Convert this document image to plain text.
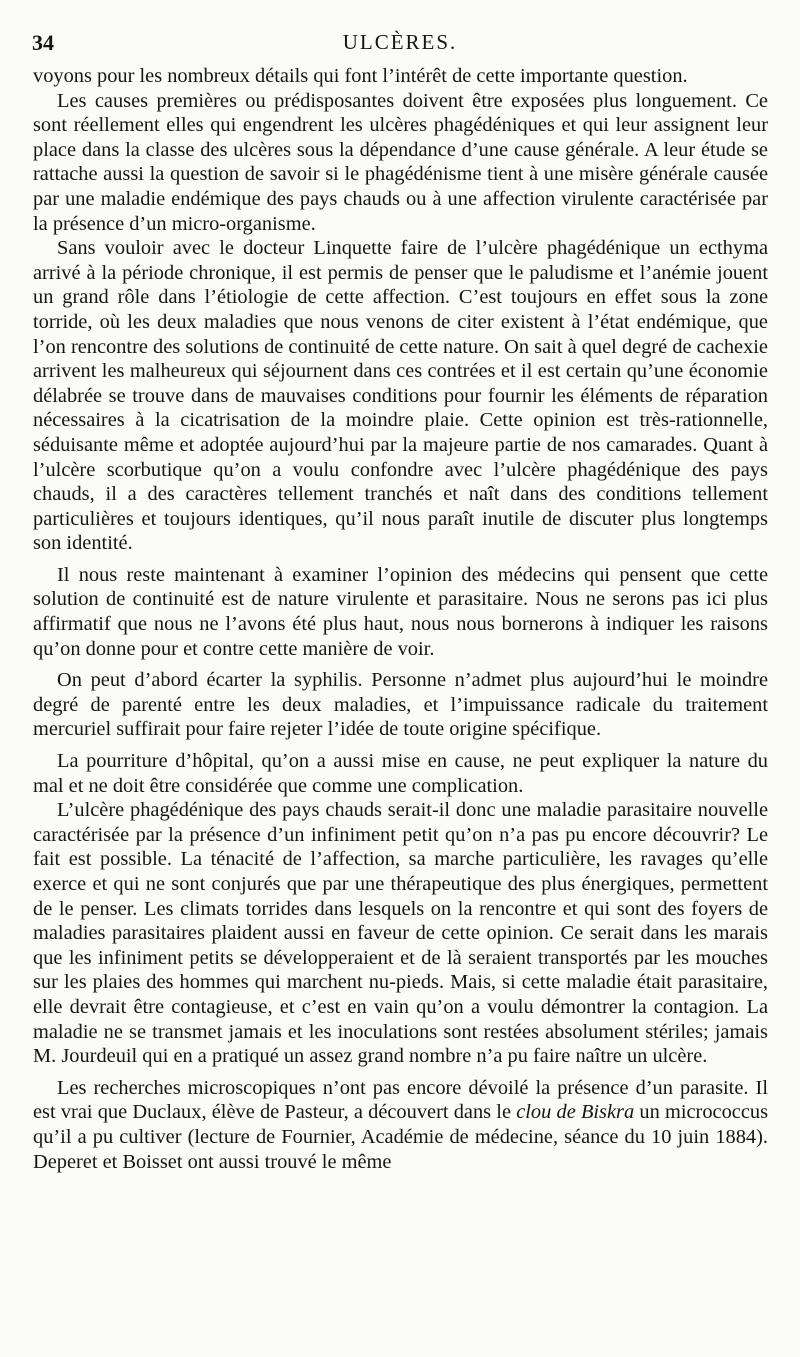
34	ULCÈRES.

voyons pour les nombreux détails qui font l’intérêt de cette importante question.

Les causes premières ou prédisposantes doivent être exposées plus longuement. Ce sont réellement elles qui engendrent les ulcères phagédéniques et qui leur assignent leur place dans la classe des ulcères sous la dépendance d’une cause générale. A leur étude se rattache aussi la question de savoir si le phagédénisme tient à une misère générale causée par une maladie endémique des pays chauds ou à une affection virulente caractérisée par la présence d’un micro-organisme.

Sans vouloir avec le docteur Linquette faire de l’ulcère phagédénique un ecthyma arrivé à la période chronique, il est permis de penser que le paludisme et l’anémie jouent un grand rôle dans l’étiologie de cette affection. C’est toujours en effet sous la zone torride, où les deux maladies que nous venons de citer existent à l’état endémique, que l’on rencontre des solutions de continuité de cette nature. On sait à quel degré de cachexie arrivent les malheureux qui séjournent dans ces contrées et il est certain qu’une économie délabrée se trouve dans de mauvaises conditions pour fournir les éléments de réparation nécessaires à la cicatrisation de la moindre plaie. Cette opinion est très-rationnelle, séduisante même et adoptée aujourd’hui par la majeure partie de nos camarades. Quant à l’ulcère scorbutique qu’on a voulu confondre avec l’ulcère phagédénique des pays chauds, il a des caractères tellement tranchés et naît dans des conditions tellement particulières et toujours identiques, qu’il nous paraît inutile de discuter plus longtemps son identité.

Il nous reste maintenant à examiner l’opinion des médecins qui pensent que cette solution de continuité est de nature virulente et parasitaire. Nous ne serons pas ici plus affirmatif que nous ne l’avons été plus haut, nous nous bornerons à indiquer les raisons qu’on donne pour et contre cette manière de voir.

On peut d’abord écarter la syphilis. Personne n’admet plus aujourd’hui le moindre degré de parenté entre les deux maladies, et l’impuissance radicale du traitement mercuriel suffirait pour faire rejeter l’idée de toute origine spécifique.

La pourriture d’hôpital, qu’on a aussi mise en cause, ne peut expliquer la nature du mal et ne doit être considérée que comme une complication.

L’ulcère phagédénique des pays chauds serait-il donc une maladie parasitaire nouvelle caractérisée par la présence d’un infiniment petit qu’on n’a pas pu encore découvrir? Le fait est possible. La ténacité de l’affection, sa marche particulière, les ravages qu’elle exerce et qui ne sont conjurés que par une thérapeutique des plus énergiques, permettent de le penser. Les climats torrides dans lesquels on la rencontre et qui sont des foyers de maladies parasitaires plaident aussi en faveur de cette opinion. Ce serait dans les marais que les infiniment petits se développeraient et de là seraient transportés par les mouches sur les plaies des hommes qui marchent nu-pieds. Mais, si cette maladie était parasitaire, elle devrait être contagieuse, et c’est en vain qu’on a voulu démontrer la contagion. La maladie ne se transmet jamais et les inoculations sont restées absolument stériles; jamais M. Jourdeuil qui en a pratiqué un assez grand nombre n’a pu faire naître un ulcère.

Les recherches microscopiques n’ont pas encore dévoilé la présence d’un parasite. Il est vrai que Duclaux, élève de Pasteur, a découvert dans le clou de Biskra un micrococcus qu’il a pu cultiver (lecture de Fournier, Académie de médecine, séance du 10 juin 1884). Deperet et Boisset ont aussi trouvé le même
